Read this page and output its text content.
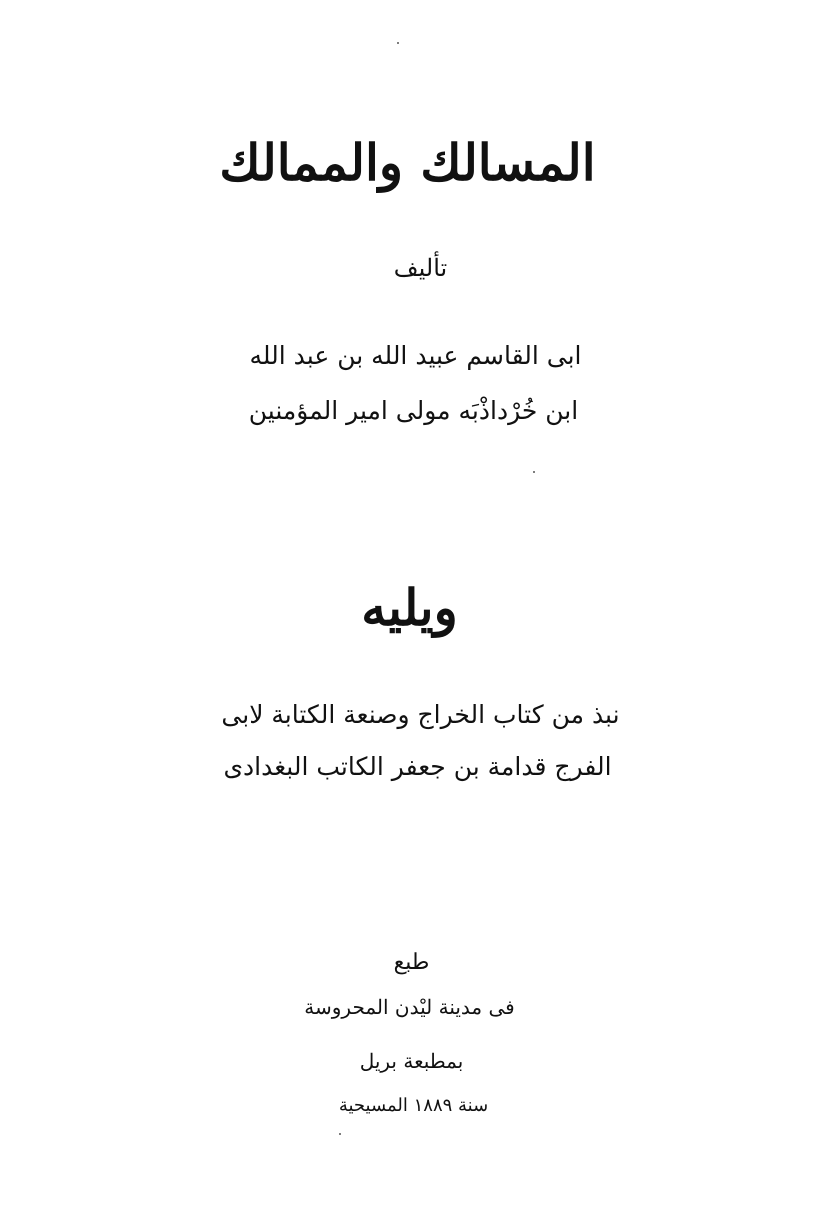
المسالك والممالك
تأليف
ابى القاسم عبيد الله بن عبد الله
ابن خُرْداذْبَه مولى امير المؤمنين
ويليه
نبذ من كتاب الخراج وصنعة الكتابة لابى
الفرج قدامة بن جعفر الكاتب البغدادى
طبع
فى مدينة ليْدن المحروسة
بمطبعة بريل
سنة ١٨٨٩ المسيحية
